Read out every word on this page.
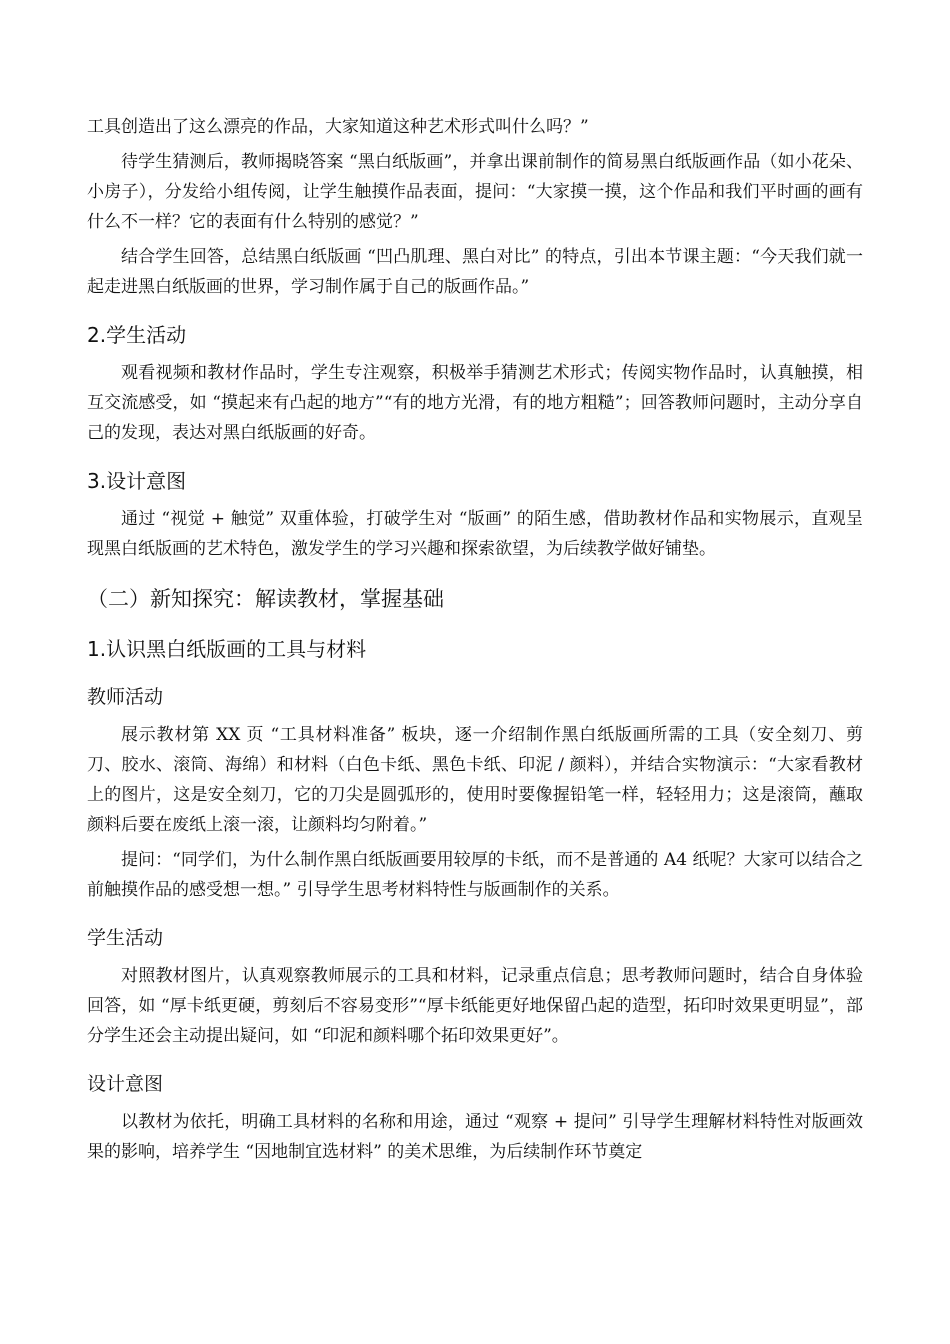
工具创造出了这么漂亮的作品，大家知道这种艺术形式叫什么吗？”

待学生猜测后，教师揭晓答案 “黑白纸版画”，并拿出课前制作的简易黑白纸版画作品（如小花朵、小房子），分发给小组传阅，让学生触摸作品表面，提问：“大家摸一摸，这个作品和我们平时画的画有什么不一样？它的表面有什么特别的感觉？”

结合学生回答，总结黑白纸版画 “凹凸肌理、黑白对比” 的特点，引出本节课主题：“今天我们就一起走进黑白纸版画的世界，学习制作属于自己的版画作品。”

2.学生活动

观看视频和教材作品时，学生专注观察，积极举手猜测艺术形式；传阅实物作品时，认真触摸，相互交流感受，如 “摸起来有凸起的地方”“有的地方光滑，有的地方粗糙”；回答教师问题时，主动分享自己的发现，表达对黑白纸版画的好奇。

3.设计意图

通过 “视觉 + 触觉” 双重体验，打破学生对 “版画” 的陌生感，借助教材作品和实物展示，直观呈现黑白纸版画的艺术特色，激发学生的学习兴趣和探索欲望，为后续教学做好铺垫。

（二）新知探究：解读教材，掌握基础
1.认识黑白纸版画的工具与材料
教师活动

展示教材第 XX 页 “工具材料准备” 板块，逐一介绍制作黑白纸版画所需的工具（安全刻刀、剪刀、胶水、滚筒、海绵）和材料（白色卡纸、黑色卡纸、印泥 / 颜料），并结合实物演示：“大家看教材上的图片，这是安全刻刀，它的刀尖是圆弧形的，使用时要像握铅笔一样，轻轻用力；这是滚筒，蘸取颜料后要在废纸上滚一滚，让颜料均匀附着。”

提问：“同学们，为什么制作黑白纸版画要用较厚的卡纸，而不是普通的 A4 纸呢？大家可以结合之前触摸作品的感受想一想。” 引导学生思考材料特性与版画制作的关系。

学生活动

对照教材图片，认真观察教师展示的工具和材料，记录重点信息；思考教师问题时，结合自身体验回答，如 “厚卡纸更硬，剪刻后不容易变形”“厚卡纸能更好地保留凸起的造型，拓印时效果更明显”，部分学生还会主动提出疑问，如 “印泥和颜料哪个拓印效果更好”。

设计意图

以教材为依托，明确工具材料的名称和用途，通过 “观察 + 提问” 引导学生理解材料特性对版画效果的影响，培养学生 “因地制宜选材料” 的美术思维，为后续制作环节奠定
